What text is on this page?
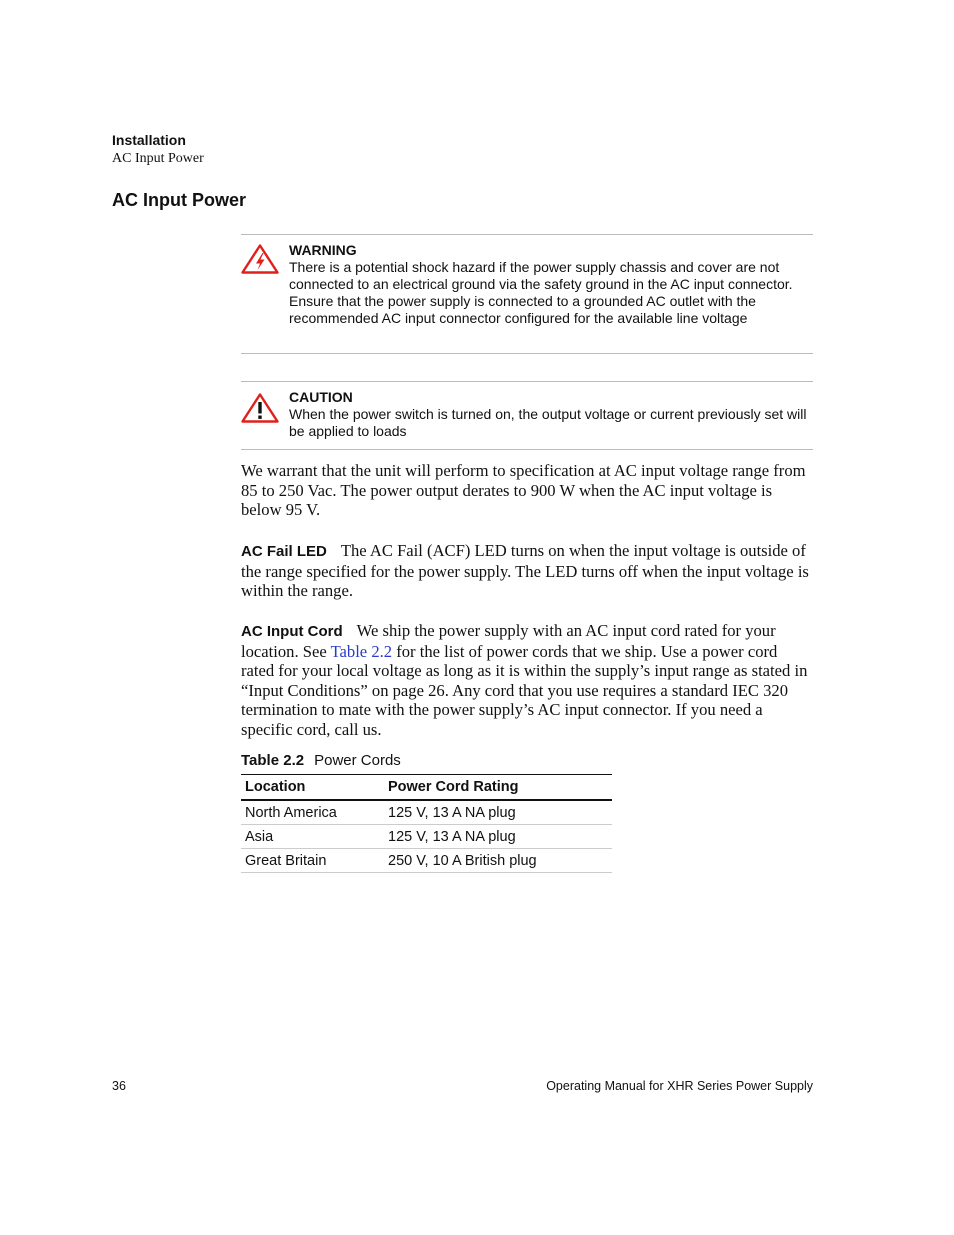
Installation
AC Input Power
AC Input Power
WARNING
There is a potential shock hazard if the power supply chassis and cover are not connected to an electrical ground via the safety ground in the AC input connector. Ensure that the power supply is connected to a grounded AC outlet with the recommended AC input connector configured for the available line voltage
CAUTION
When the power switch is turned on, the output voltage or current previously set will be applied to loads

We warrant that the unit will perform to specification at AC input voltage range from 85 to 250 Vac. The power output derates to 900 W when the AC input voltage is below 95 V.

AC Fail LED The AC Fail (ACF) LED turns on when the input voltage is outside of the range specified for the power supply. The LED turns off when the input voltage is within the range.

AC Input Cord We ship the power supply with an AC input cord rated for your location. See Table 2.2 for the list of power cords that we ship. Use a power cord rated for your local voltage as long as it is within the supply’s input range as stated in “Input Conditions” on page 26. Any cord that you use requires a standard IEC 320 termination to mate with the power supply’s AC input connector. If you need a specific cord, call us.

Table 2.2 Power Cords
Location	Power Cord Rating
North America	125 V, 13 A NA plug
Asia	125 V, 13 A NA plug
Great Britain	250 V, 10 A British plug
36	Operating Manual for XHR Series Power Supply
